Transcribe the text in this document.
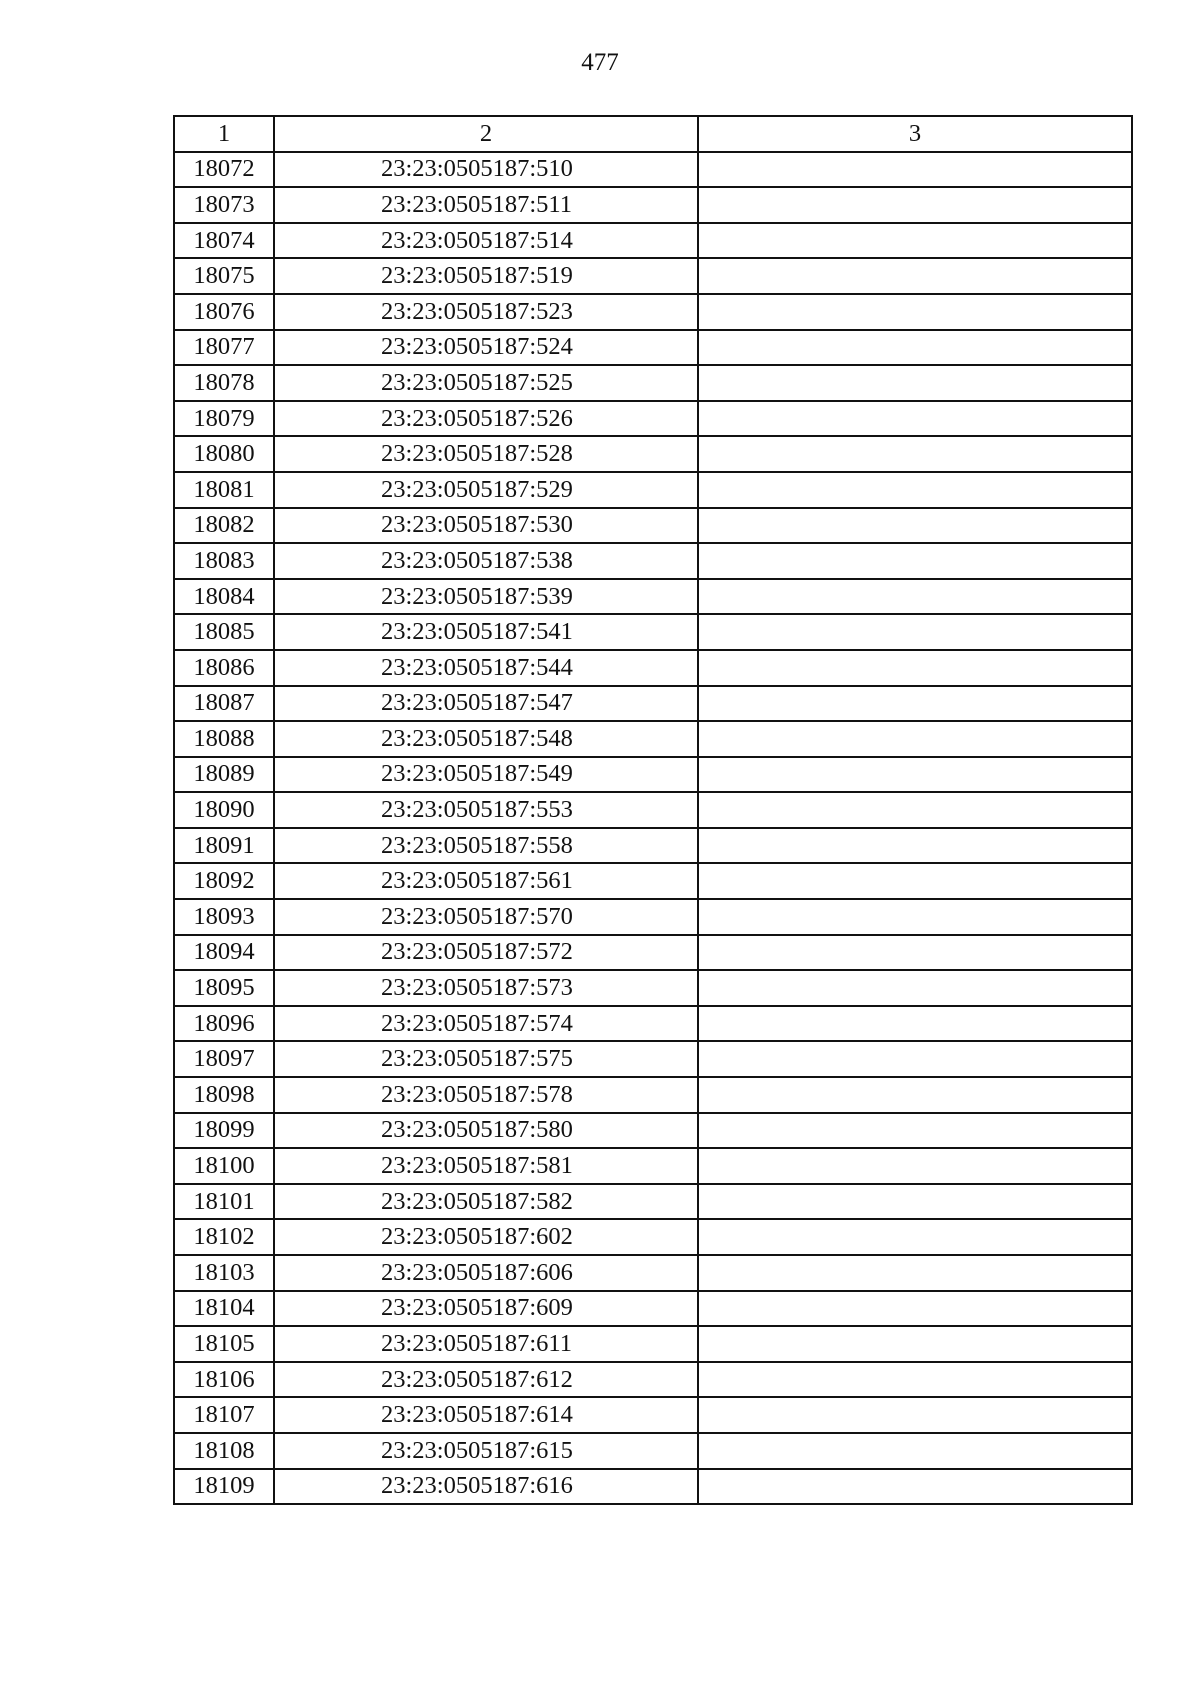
477
1	2	3
18072	23:23:0505187:510	
18073	23:23:0505187:511	
18074	23:23:0505187:514	
18075	23:23:0505187:519	
18076	23:23:0505187:523	
18077	23:23:0505187:524	
18078	23:23:0505187:525	
18079	23:23:0505187:526	
18080	23:23:0505187:528	
18081	23:23:0505187:529	
18082	23:23:0505187:530	
18083	23:23:0505187:538	
18084	23:23:0505187:539	
18085	23:23:0505187:541	
18086	23:23:0505187:544	
18087	23:23:0505187:547	
18088	23:23:0505187:548	
18089	23:23:0505187:549	
18090	23:23:0505187:553	
18091	23:23:0505187:558	
18092	23:23:0505187:561	
18093	23:23:0505187:570	
18094	23:23:0505187:572	
18095	23:23:0505187:573	
18096	23:23:0505187:574	
18097	23:23:0505187:575	
18098	23:23:0505187:578	
18099	23:23:0505187:580	
18100	23:23:0505187:581	
18101	23:23:0505187:582	
18102	23:23:0505187:602	
18103	23:23:0505187:606	
18104	23:23:0505187:609	
18105	23:23:0505187:611	
18106	23:23:0505187:612	
18107	23:23:0505187:614	
18108	23:23:0505187:615	
18109	23:23:0505187:616	
